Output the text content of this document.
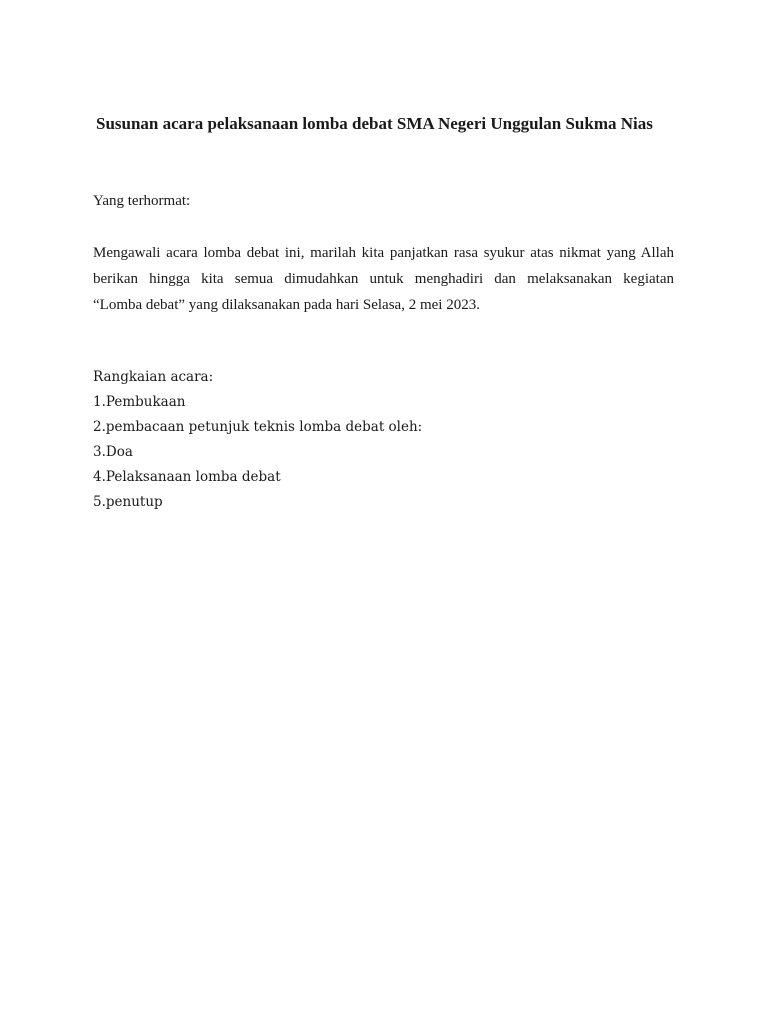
Susunan acara pelaksanaan lomba debat SMA Negeri Unggulan Sukma Nias
Yang terhormat:
Mengawali acara lomba debat ini, marilah kita panjatkan rasa syukur atas nikmat yang Allah
berikan hingga kita semua dimudahkan untuk menghadiri dan melaksanakan kegiatan
“Lomba debat” yang dilaksanakan pada hari Selasa, 2 mei 2023.
Rangkaian acara:
1.Pembukaan
2.pembacaan petunjuk teknis lomba debat oleh:
3.Doa
4.Pelaksanaan lomba debat
5.penutup
